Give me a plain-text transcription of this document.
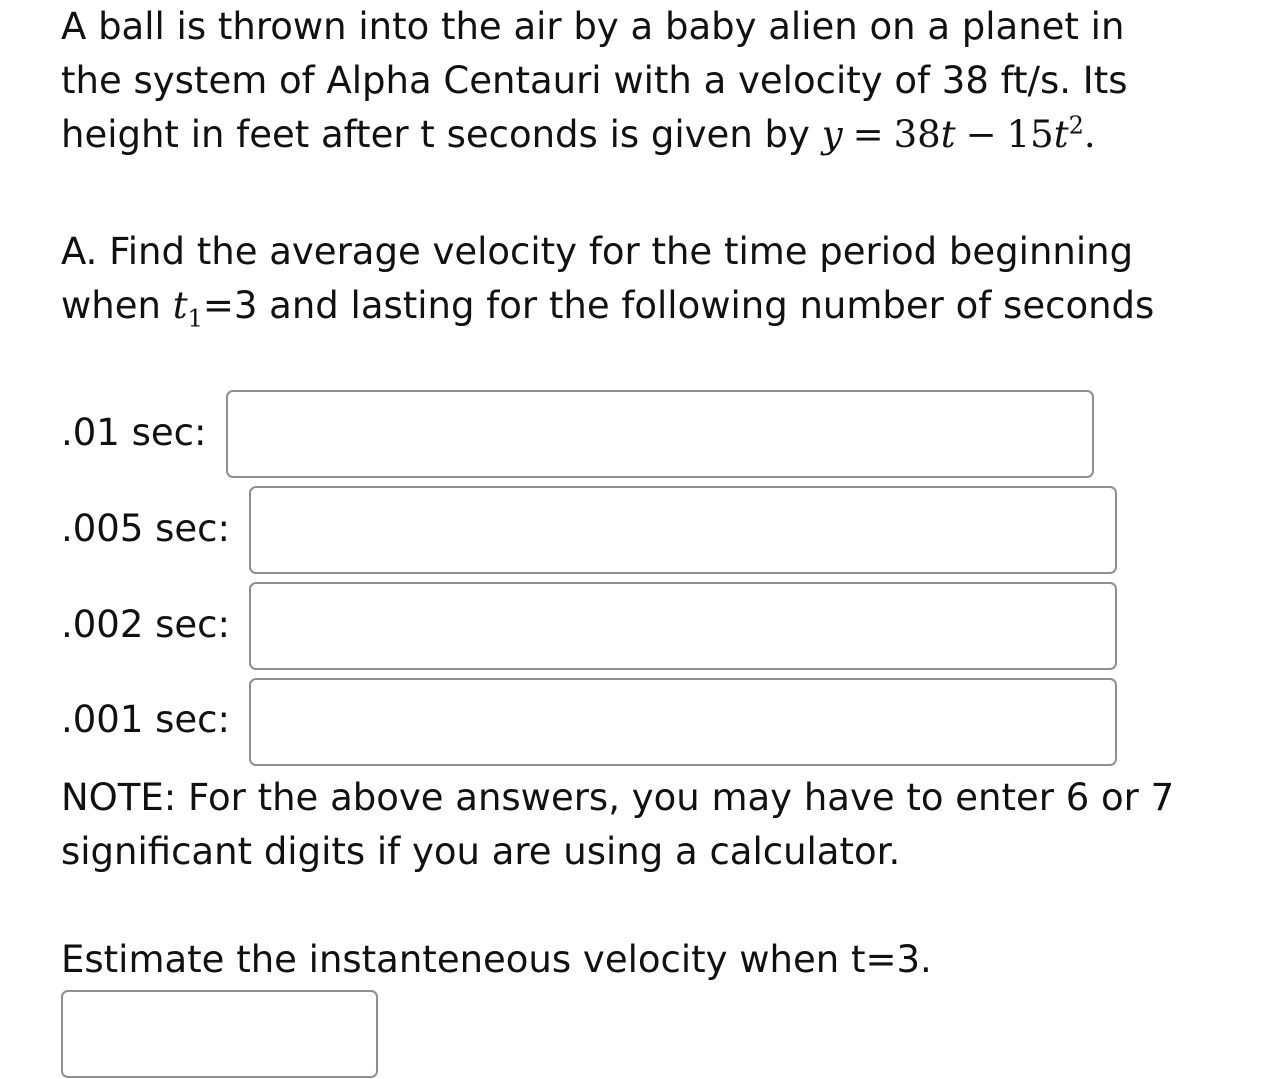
A ball is thrown into the air by a baby alien on a planet in
the system of Alpha Centauri with a velocity of 38 ft/s. Its
height in feet after t seconds is given by $y = 38t - 15t^2$.
A. Find the average velocity for the time period beginning
when $t_1=3$ and lasting for the following number of seconds
.01 sec:
.005 sec:
.002 sec:
.001 sec:
NOTE: For the above answers, you may have to enter 6 or 7
significant digits if you are using a calculator.
Estimate the instanteneous velocity when t=3.
